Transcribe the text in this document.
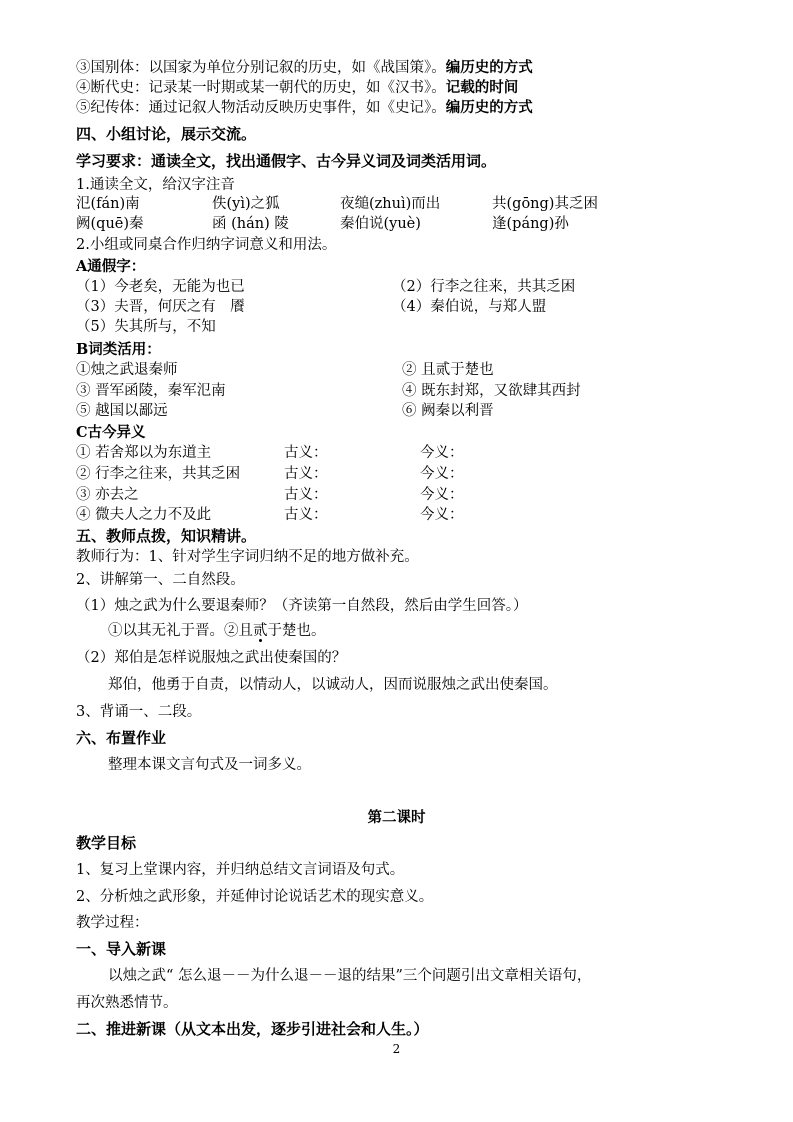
③国别体：以国家为单位分别记叙的历史，如《战国策》。编历史的方式
④断代史：记录某一时期或某一朝代的历史，如《汉书》。记载的时间
⑤纪传体：通过记叙人物活动反映历史事件，如《史记》。编历史的方式
四、小组讨论，展示交流。
学习要求：通读全文，找出通假字、古今异义词及词类活用词。
1.通读全文，给汉字注音
氾(fán)南	佚(yì)之狐	夜缒(zhuì)而出	共(gōng)其乏困
阙(quē)秦	函 (hán) 陵	秦伯说(yuè)	逢(páng)孙
2.小组或同桌合作归纳字词意义和用法。
A通假字：
（1）今老矣，无能为也已	（2）行李之往来，共其乏困
（3）夫晋，何厌之有　餍	（4）秦伯说，与郑人盟
（5）失其所与，不知
B词类活用：
①烛之武退秦师	② 且贰于楚也
③ 晋军函陵，秦军氾南	④ 既东封郑，又欲肆其西封
⑤ 越国以鄙远	⑥ 阙秦以利晋
C古今异义
① 若舍郑以为东道主	古义：	今义：
② 行李之往来，共其乏困	古义：	今义：
③ 亦去之	古义：	今义：
④ 微夫人之力不及此	古义：	今义：
五、教师点拨，知识精讲。
教师行为：1、针对学生字词归纳不足的地方做补充。
2、讲解第一、二自然段。
（1）烛之武为什么要退秦师？（齐读第一自然段，然后由学生回答。）
①以其无礼于晋。②且贰于楚也。
（2）郑伯是怎样说服烛之武出使秦国的？
郑伯，他勇于自责，以情动人，以诚动人，因而说服烛之武出使秦国。
3、背诵一、二段。
六、布置作业
整理本课文言句式及一词多义。
第二课时
教学目标
1、复习上堂课内容，并归纳总结文言词语及句式。
2、分析烛之武形象，并延伸讨论说话艺术的现实意义。
教学过程：
一、导入新课
以烛之武“ 怎么退－－为什么退－－退的结果”三个问题引出文章相关语句，
再次熟悉情节。
二、推进新课（从文本出发，逐步引进社会和人生。）
2
